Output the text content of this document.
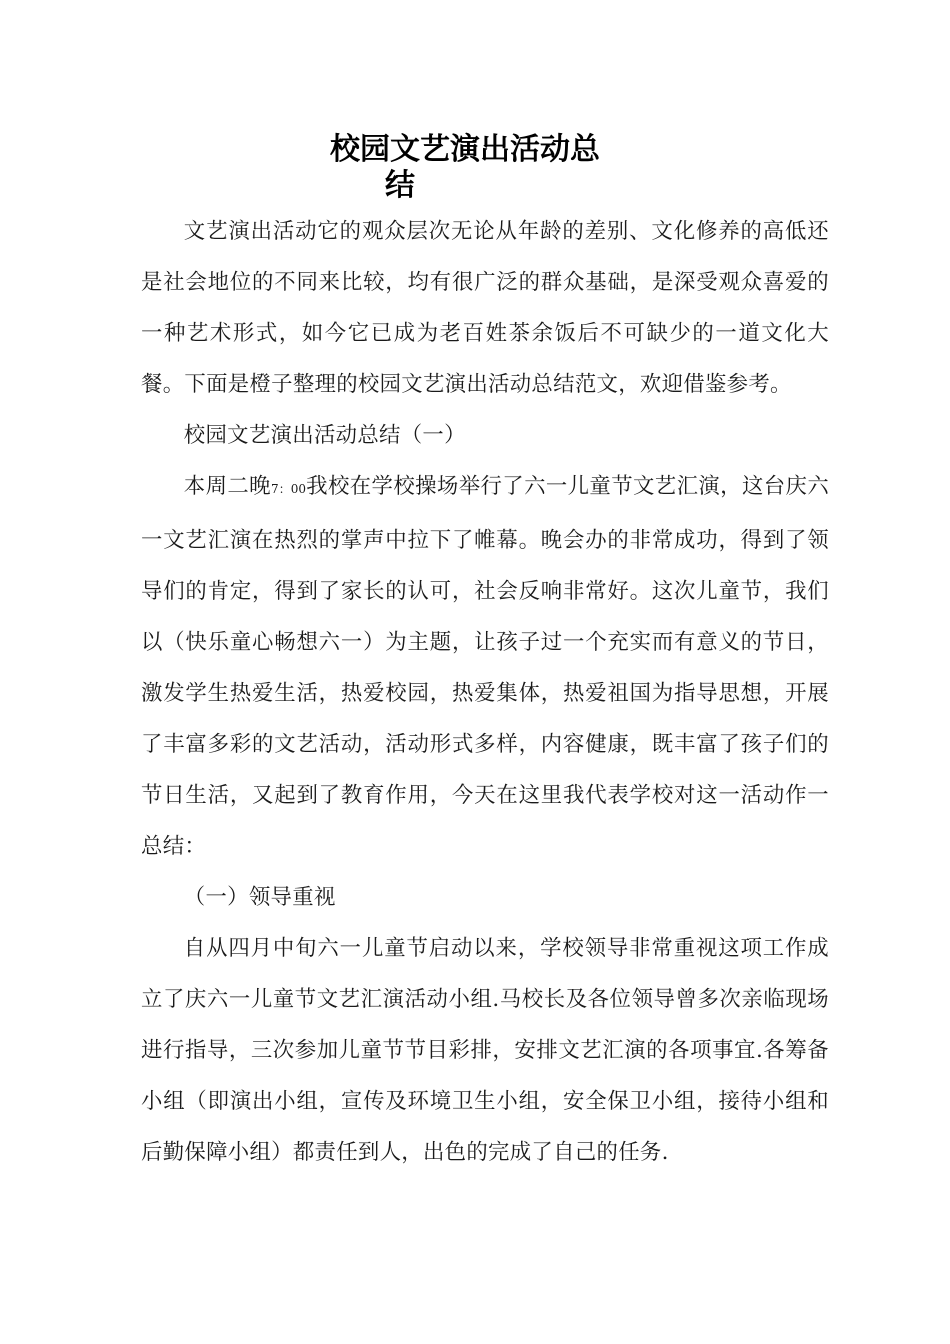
校园文艺演出活动总
结

文艺演出活动它的观众层次无论从年龄的差别、文化修养的高低还是社会地位的不同来比较，均有很广泛的群众基础，是深受观众喜爱的一种艺术形式，如今它已成为老百姓茶余饭后不可缺少的一道文化大餐。下面是橙子整理的校园文艺演出活动总结范文，欢迎借鉴参考。

校园文艺演出活动总结（一）

本周二晚7：00我校在学校操场举行了六一儿童节文艺汇演，这台庆六一文艺汇演在热烈的掌声中拉下了帷幕。晚会办的非常成功，得到了领导们的肯定，得到了家长的认可，社会反响非常好。这次儿童节，我们以（快乐童心畅想六一）为主题，让孩子过一个充实而有意义的节日，激发学生热爱生活，热爱校园，热爱集体，热爱祖国为指导思想，开展了丰富多彩的文艺活动，活动形式多样，内容健康，既丰富了孩子们的节日生活，又起到了教育作用，今天在这里我代表学校对这一活动作一总结：

（一）领导重视

自从四月中旬六一儿童节启动以来，学校领导非常重视这项工作成立了庆六一儿童节文艺汇演活动小组.马校长及各位领导曾多次亲临现场进行指导，三次参加儿童节节目彩排，安排文艺汇演的各项事宜.各筹备小组（即演出小组，宣传及环境卫生小组，安全保卫小组，接待小组和后勤保障小组）都责任到人，出色的完成了自己的任务.
